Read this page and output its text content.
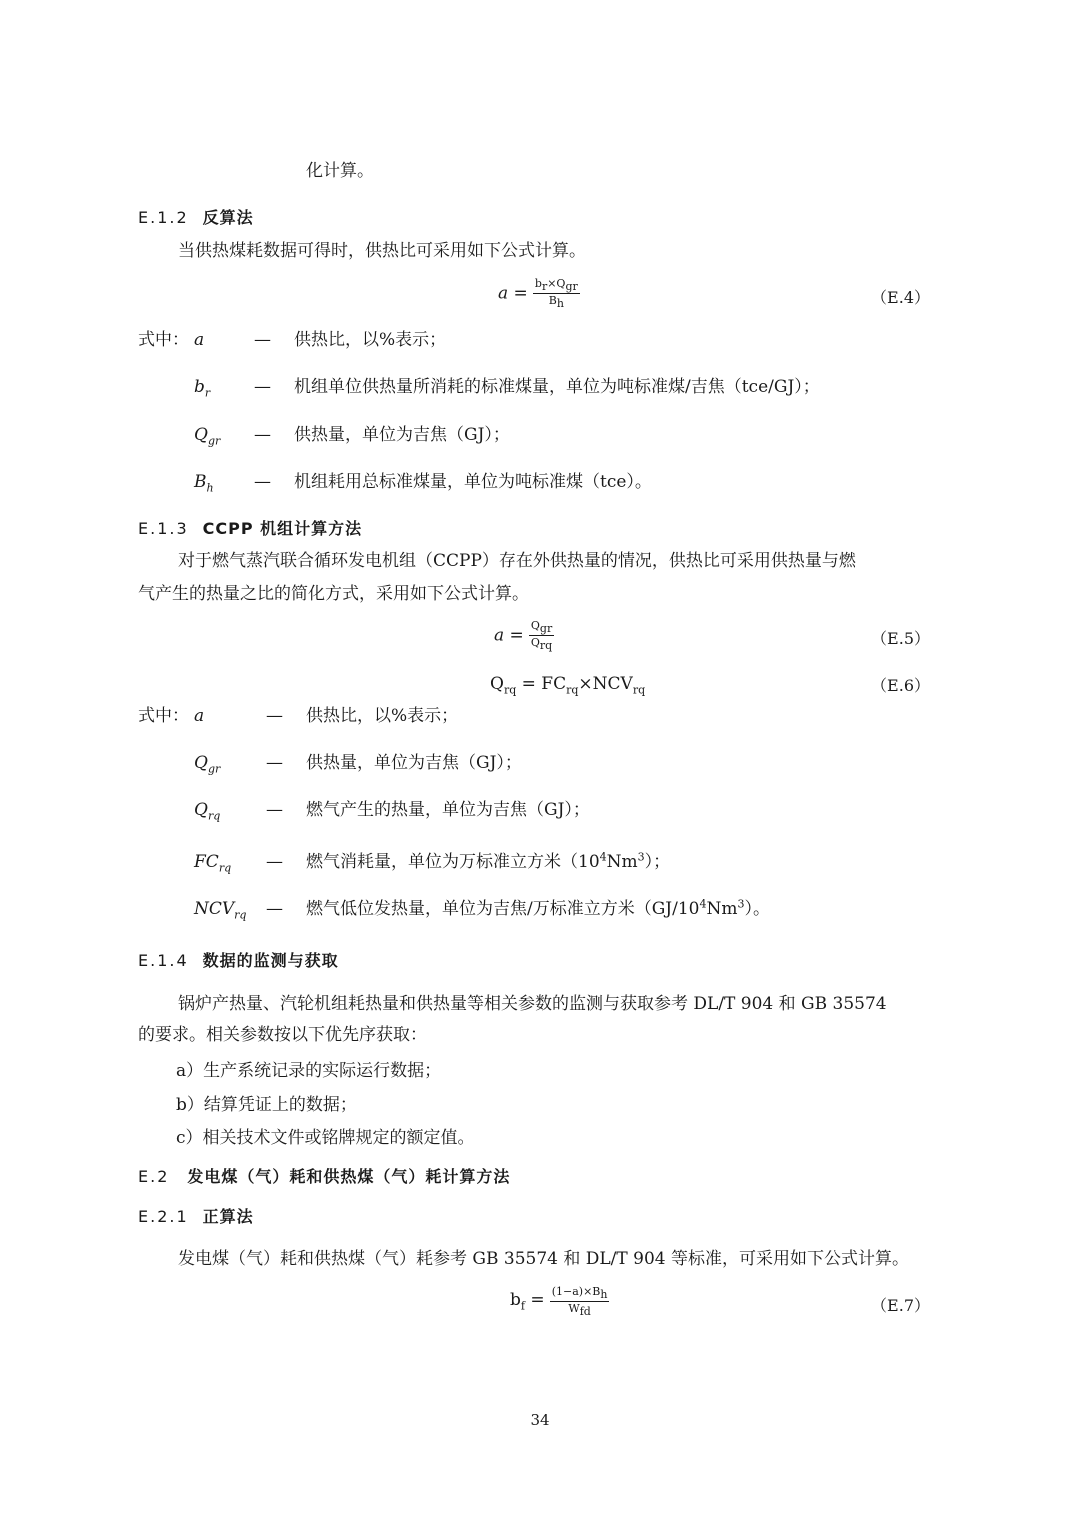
化计算。
E.1.2 反算法
当供热煤耗数据可得时，供热比可采用如下公式计算。
$a = \frac{b_r\times Q_{gr}}{B_h}$	（E.4）
式中： a	— 供热比，以%表示；
$b_r$	— 机组单位供热量所消耗的标准煤量，单位为吨标准煤/吉焦（tce/GJ）；
$Q_{gr}$ — 供热量，单位为吉焦（GJ）；
$B_h$ — 机组耗用总标准煤量，单位为吨标准煤（tce）。
E.1.3 CCPP 机组计算方法
对于燃气蒸汽联合循环发电机组（CCPP）存在外供热量的情况，供热比可采用供热量与燃
气产生的热量之比的简化方式，采用如下公式计算。
$a = \frac{Q_{gr}}{Q_{rq}}$	（E.5）
$Q_{rq} = FC_{rq}\times NCV_{rq}$	（E.6）
式中： a	— 供热比，以%表示；
$Q_{gr}$	— 供热量，单位为吉焦（GJ）；
$Q_{rq}$	— 燃气产生的热量，单位为吉焦（GJ）；
$FC_{rq}$ — 燃气消耗量，单位为万标准立方米$(10^4Nm^3)$；
$NCV_{rq}$ — 燃气低位发热量，单位为吉焦/万标准立方米$(GJ/10^4Nm^3)$。
E.1.4 数据的监测与获取
锅炉产热量、汽轮机组耗热量和供热量等相关参数的监测与获取参考 DL/T 904 和 GB 35574
的要求。相关参数按以下优先序获取：
a）生产系统记录的实际运行数据；
b）结算凭证上的数据；
c）相关技术文件或铭牌规定的额定值。
E.2 发电煤（气）耗和供热煤（气）耗计算方法
E.2.1 正算法
发电煤（气）耗和供热煤（气）耗参考 GB 35574 和 DL/T 904 等标准，可采用如下公式计算。
$b_f = \frac{(1-a)\times B_h}{W_{fd}}$	（E.7）
34
